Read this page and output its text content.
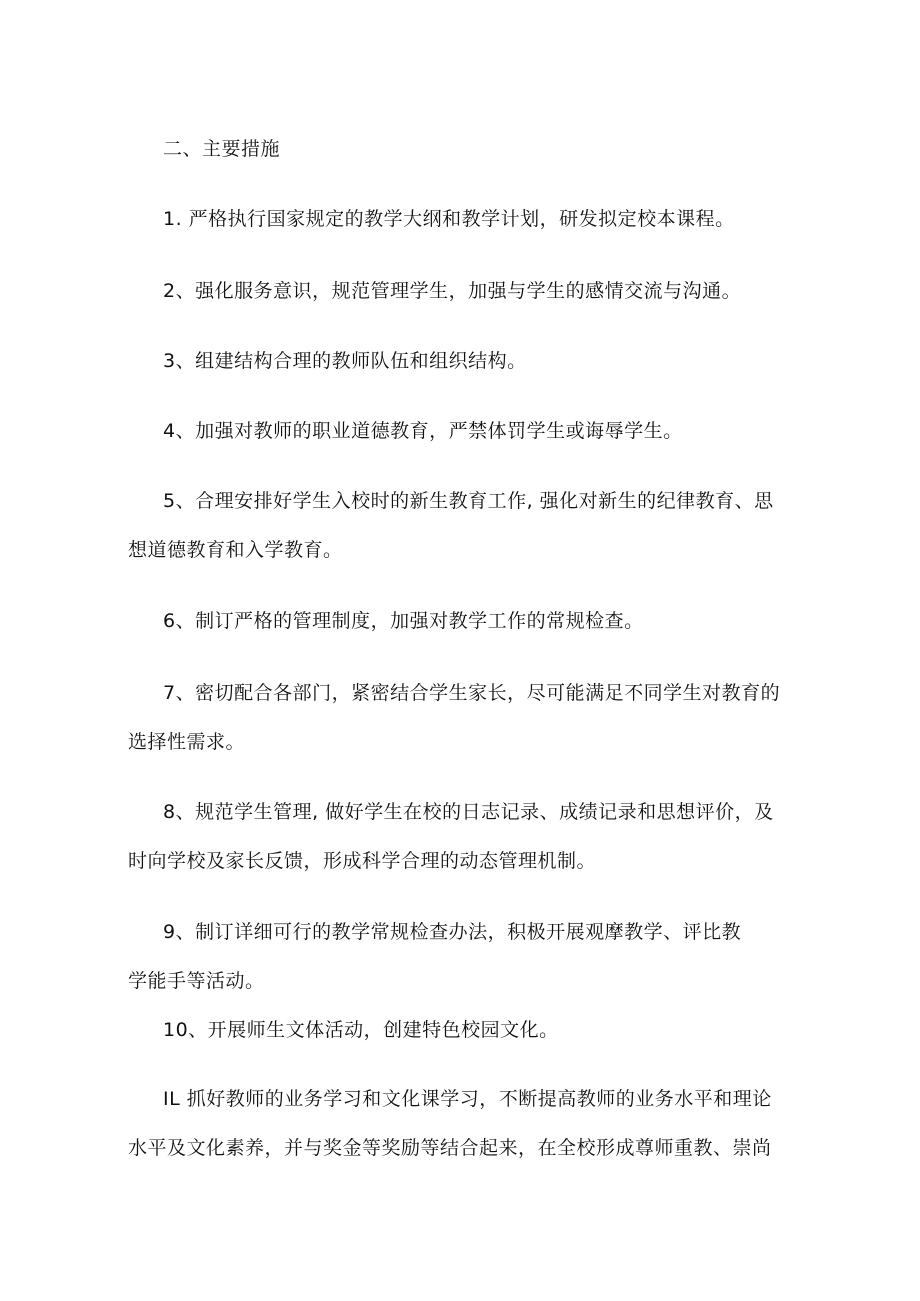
二、主要措施
1. 严格执行国家规定的教学大纲和教学计划，研发拟定校本课程。
2、强化服务意识，规范管理学生，加强与学生的感情交流与沟通。
3、组建结构合理的教师队伍和组织结构。
4、加强对教师的职业道德教育，严禁体罚学生或诲辱学生。
5、合理安排好学生入校时的新生教育工作, 强化对新生的纪律教育、思
想道德教育和入学教育。
6、制订严格的管理制度，加强对教学工作的常规检查。
7、密切配合各部门，紧密结合学生家长，尽可能满足不同学生对教育的
选择性需求。
8、规范学生管理, 做好学生在校的日志记录、成绩记录和思想评价，及
时向学校及家长反馈，形成科学合理的动态管理机制。
9、制订详细可行的教学常规检查办法，积极开展观摩教学、评比教
学能手等活动。
10、开展师生文体活动，创建特色校园文化。
IL 抓好教师的业务学习和文化课学习，不断提高教师的业务水平和理论
水平及文化素养，并与奖金等奖励等结合起来，在全校形成尊师重教、崇尚
